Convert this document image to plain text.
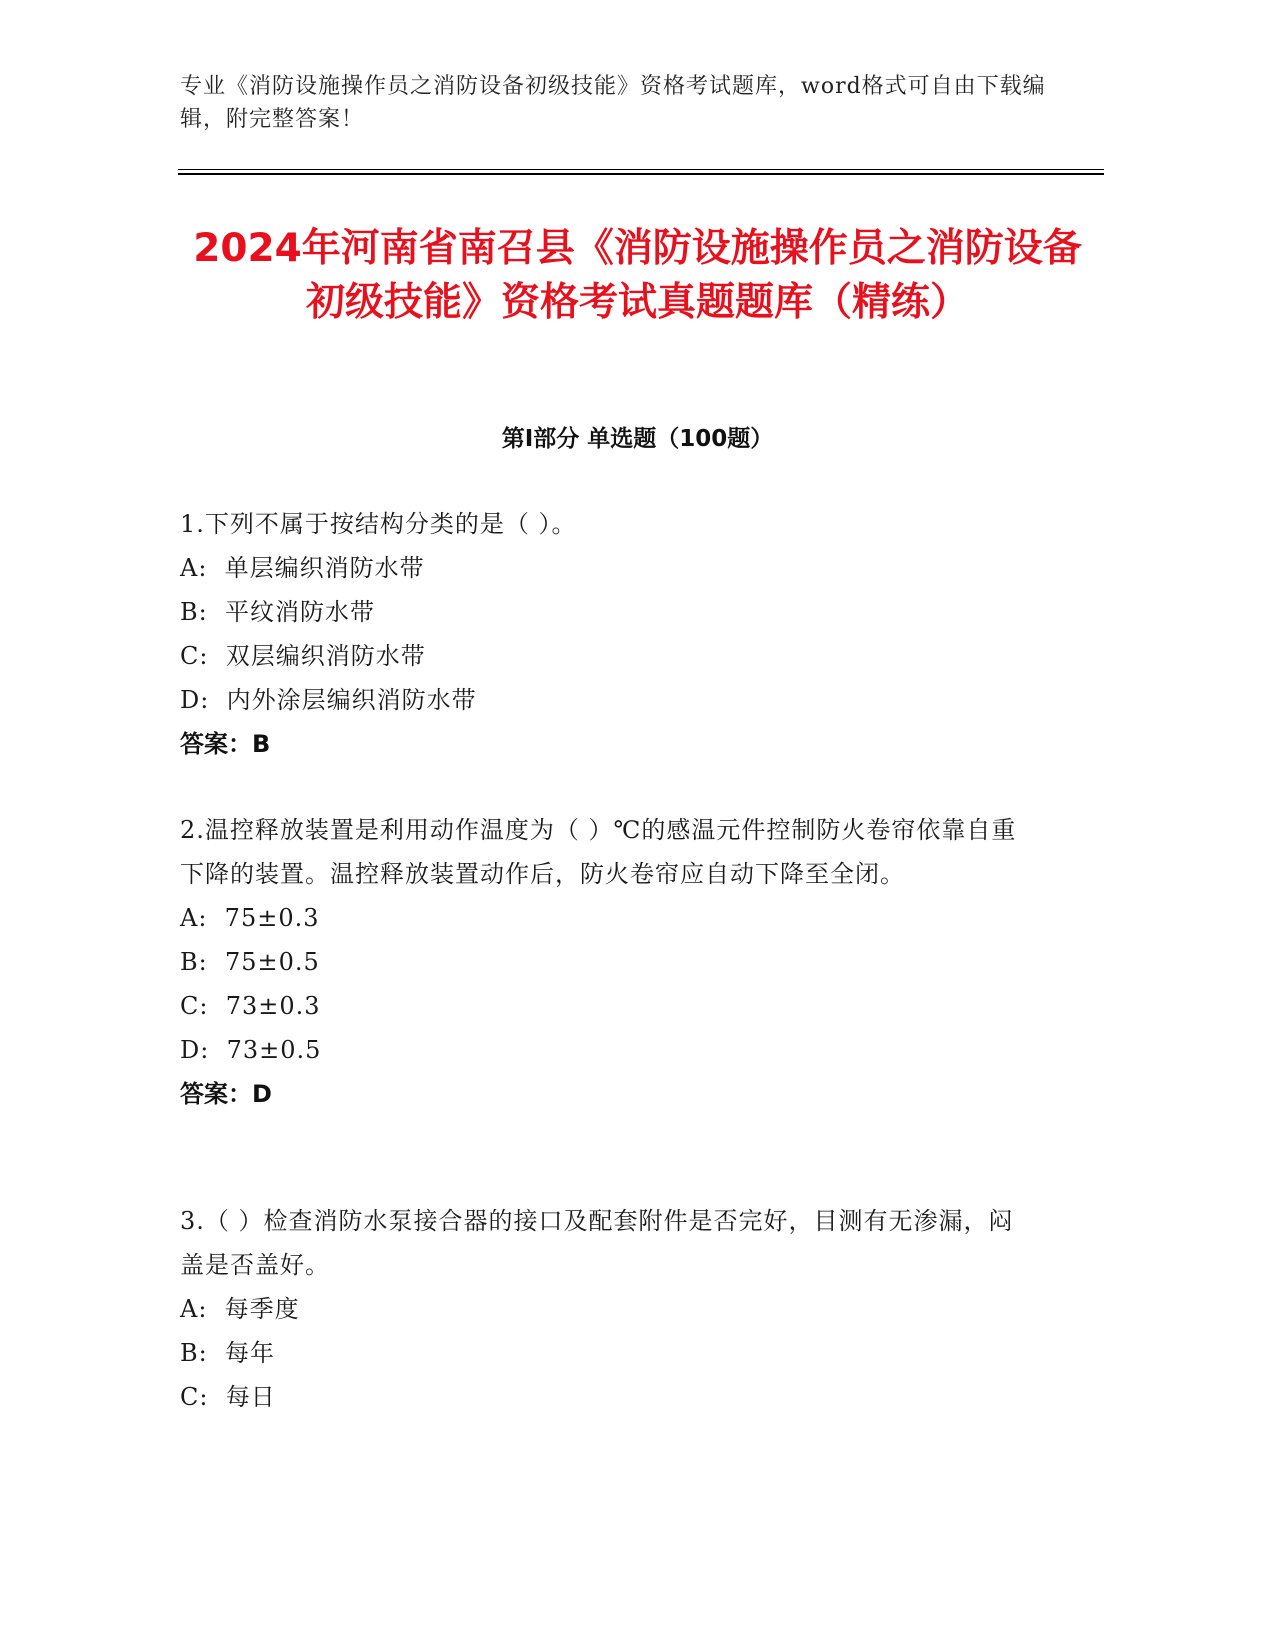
专业《消防设施操作员之消防设备初级技能》资格考试题库，word格式可自由下载编辑，附完整答案！
2024年河南省南召县《消防设施操作员之消防设备初级技能》资格考试真题题库（精练）
第I部分 单选题（100题）
1.下列不属于按结构分类的是（ ）。
A:  单层编织消防水带
B:  平纹消防水带
C:  双层编织消防水带
D:  内外涂层编织消防水带
答案：B
2.温控释放装置是利用动作温度为（ ）℃的感温元件控制防火卷帘依靠自重下降的装置。温控释放装置动作后，防火卷帘应自动下降至全闭。
A:  75±0.3
B:  75±0.5
C:  73±0.3
D:  73±0.5
答案：D
3.（ ）检查消防水泵接合器的接口及配套附件是否完好，目测有无渗漏，闷盖是否盖好。
A:  每季度
B:  每年
C:  每日
